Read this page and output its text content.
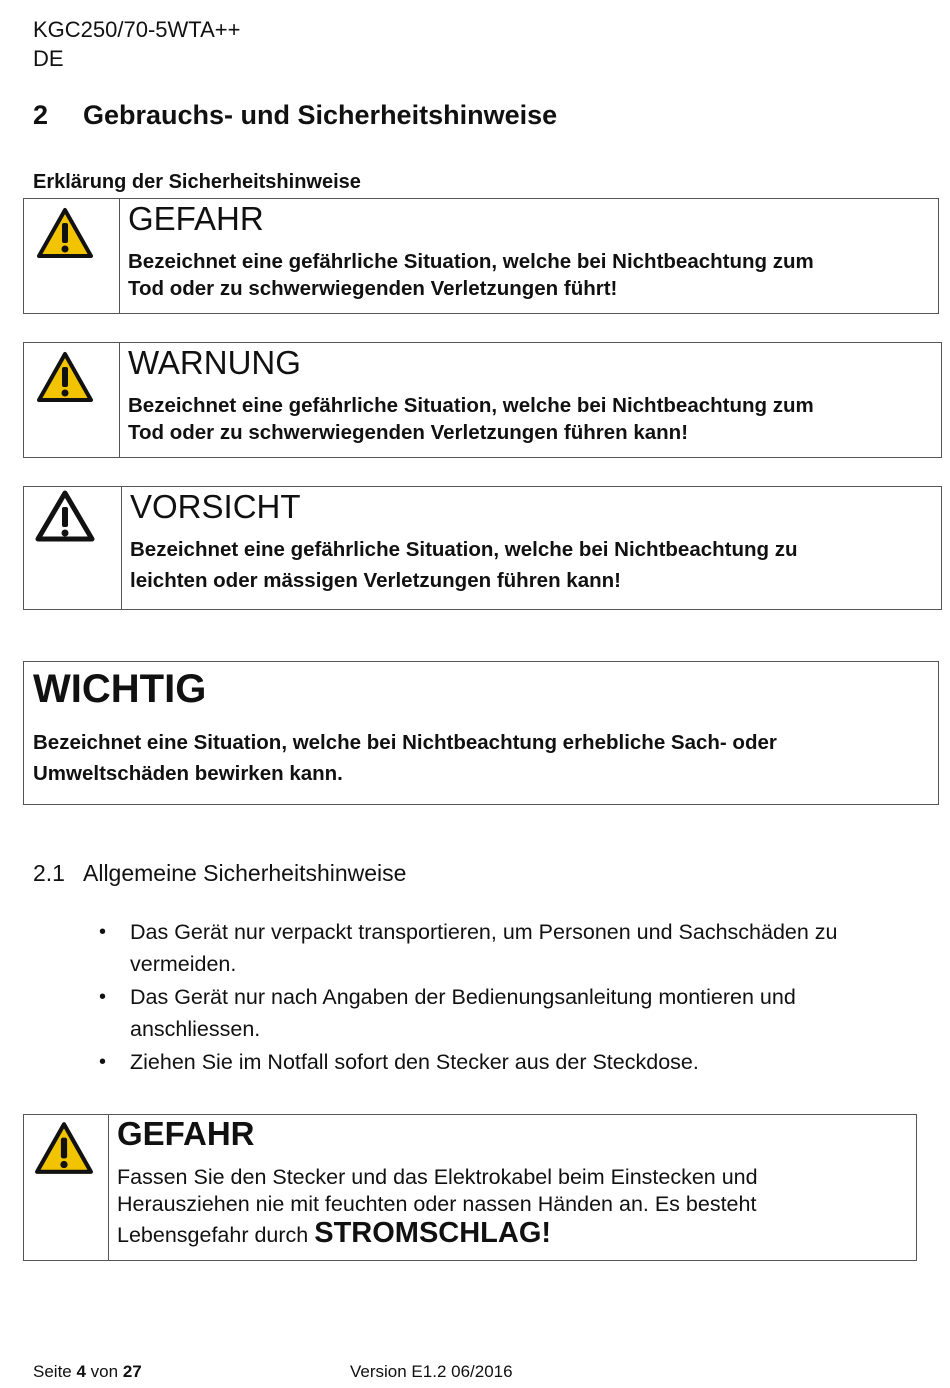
KGC250/70-5WTA++
DE
2 Gebrauchs- und Sicherheitshinweise
Erklärung der Sicherheitshinweise
GEFAHR
Bezeichnet eine gefährliche Situation, welche bei Nichtbeachtung zum
Tod oder zu schwerwiegenden Verletzungen führt!
WARNUNG
Bezeichnet eine gefährliche Situation, welche bei Nichtbeachtung zum
Tod oder zu schwerwiegenden Verletzungen führen kann!
VORSICHT
Bezeichnet eine gefährliche Situation, welche bei Nichtbeachtung zu
leichten oder mässigen Verletzungen führen kann!
WICHTIG
Bezeichnet eine Situation, welche bei Nichtbeachtung erhebliche Sach- oder
Umweltschäden bewirken kann.
2.1 Allgemeine Sicherheitshinweise
• Das Gerät nur verpackt transportieren, um Personen und Sachschäden zu vermeiden.
• Das Gerät nur nach Angaben der Bedienungsanleitung montieren und anschliessen.
• Ziehen Sie im Notfall sofort den Stecker aus der Steckdose.
GEFAHR
Fassen Sie den Stecker und das Elektrokabel beim Einstecken und
Herausziehen nie mit feuchten oder nassen Händen an. Es besteht
Lebensgefahr durch STROMSCHLAG!
Seite 4 von 27	Version E1.2 06/2016
